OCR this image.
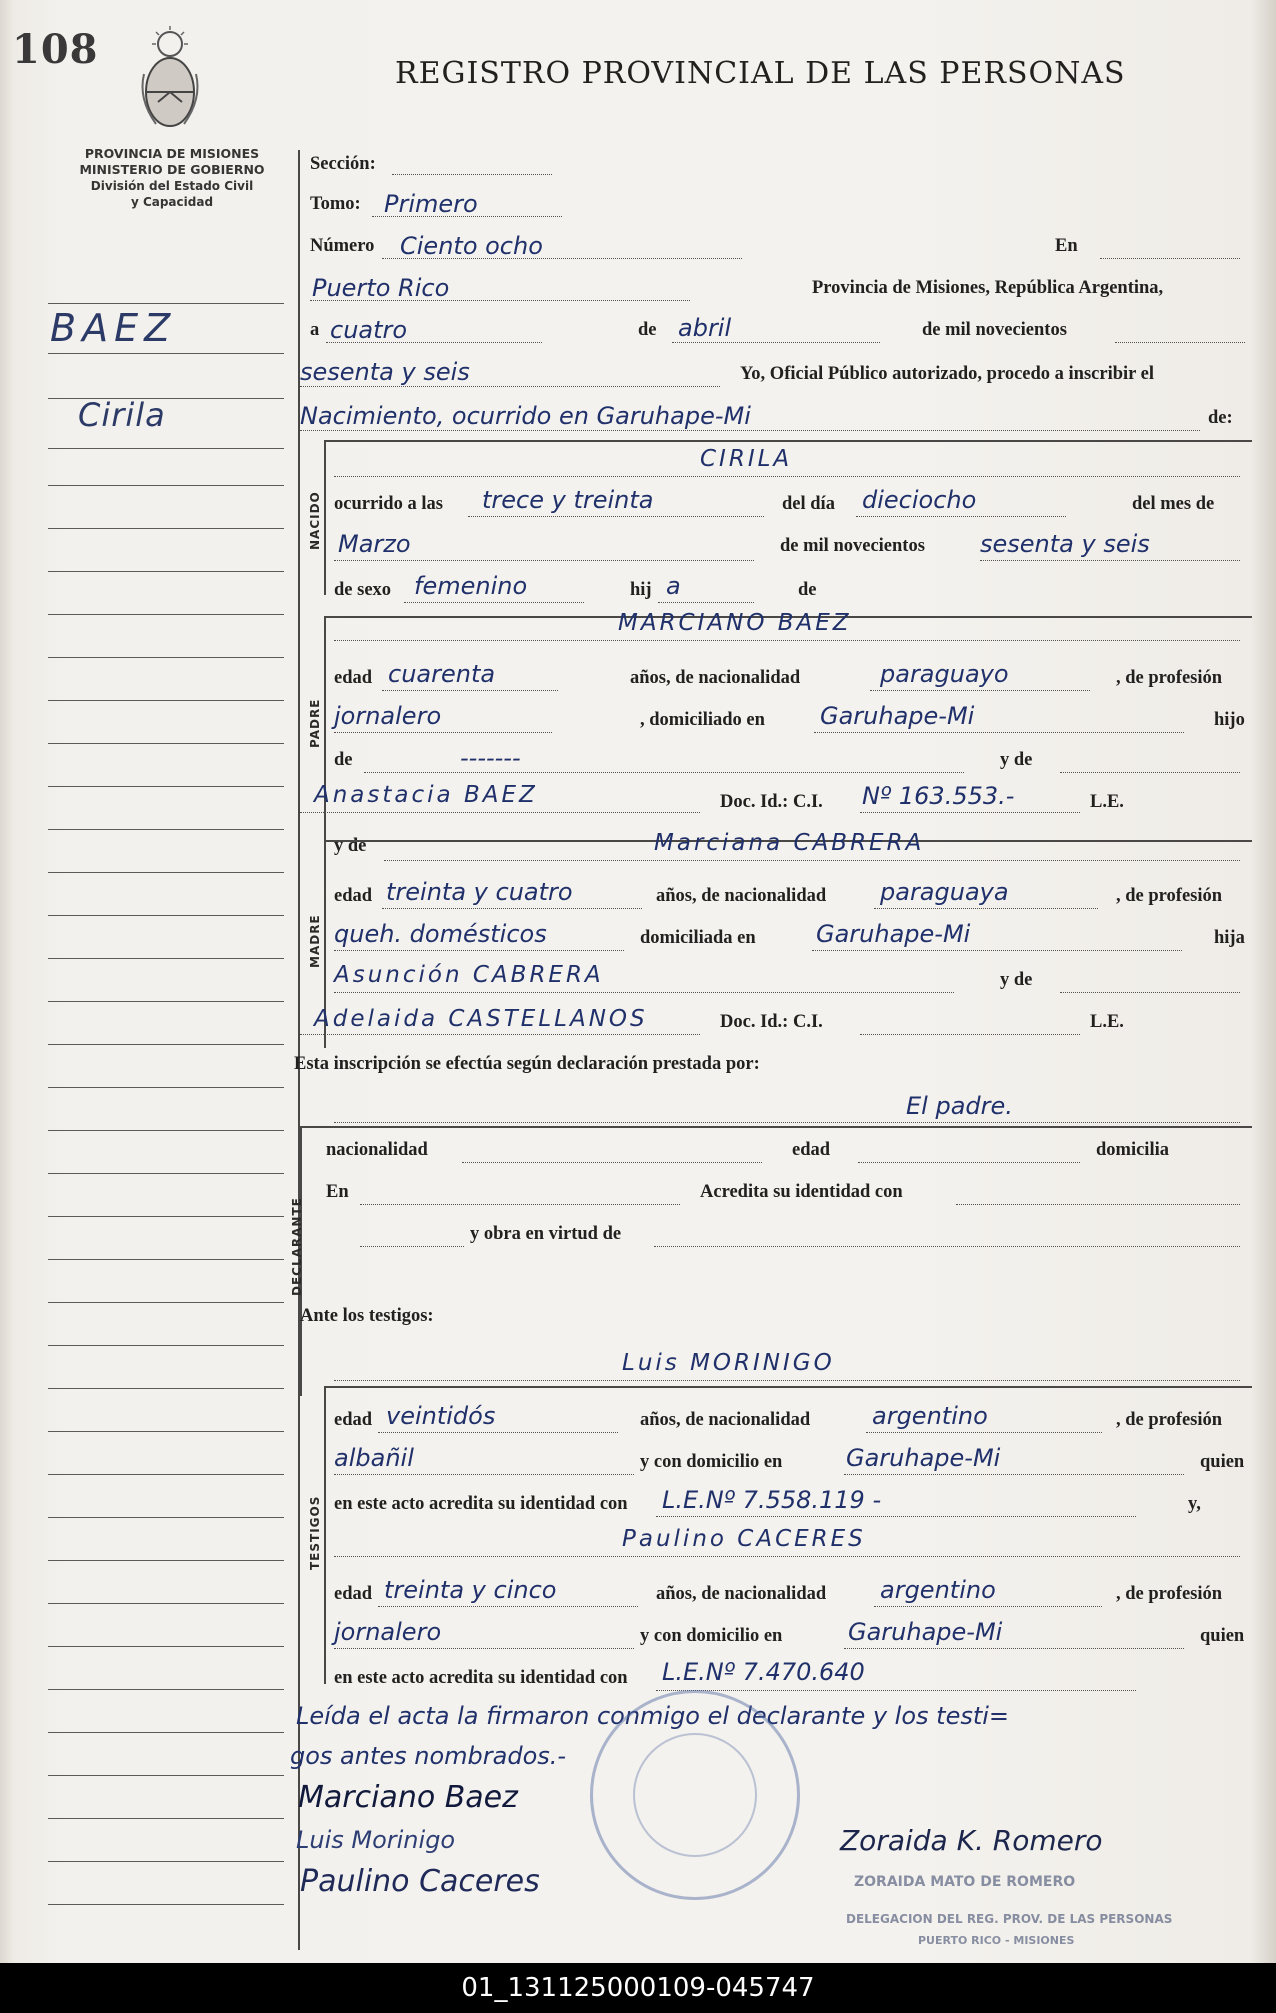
108
REGISTRO PROVINCIAL DE LAS PERSONAS
PROVINCIA DE MISIONES
MINISTERIO DE GOBIERNO
División del Estado Civil
y Capacidad
BAEZ
Cirila
Sección:
Tomo: Primero
Número Ciento ocho	En
Puerto Rico	Provincia de Misiones, República Argentina,
a cuatro	de abril	de mil novecientos
sesenta y seis	Yo, Oficial Público autorizado, procedo a inscribir el
Nacimiento, ocurrido en Garuhape-Mi	de:
NACIDO
CIRILA
ocurrido a las trece y treinta	del día dieciocho	del mes de
Marzo	de mil novecientos sesenta y seis
de sexo femenino	hij a	de
PADRE
MARCIANO BAEZ
edad cuarenta	años, de nacionalidad	paraguayo	, de profesión
jornalero	, domiciliado en Garuhape-Mi	hijo
de	-------	y de
Anastacia BAEZ	Doc. Id.: C.I. Nº 163.553.-	L.E.
y de
MADRE
Marciana CABRERA
edad treinta y cuatro	años, de nacionalidad paraguaya	, de profesión
queh. domésticos	domiciliada en	Garuhape-Mi	hija
Asunción CABRERA	y de
Adelaida CASTELLANOS	Doc. Id.: C.I.	L.E.
Esta inscripción se efectúa según declaración prestada por:
DECLARANTE
El padre.
nacionalidad	edad	domicilia
En	Acredita su identidad con
y obra en virtud de
Ante los testigos:
TESTIGOS
Luis MORINIGO
edad veintidós	años, de nacionalidad	argentino	, de profesión
albañil	y con domicilio en	Garuhape-Mi	quien
en este acto acredita su identidad con L.E.Nº 7.558.119 -	y,
Paulino CACERES
edad treinta y cinco	años, de nacionalidad argentino	, de profesión
jornalero	y con domicilio en	Garuhape-Mi	quien
en este acto acredita su identidad con L.E.Nº 7.470.640
Leída el acta la firmaron conmigo el declarante y los testi=
gos antes nombrados.-
Marciano Baez
Luis Morinigo
Paulino Caceres
Zoraida K. Romero
ZORAIDA MATO DE ROMERO
DELEGACION DEL REG. PROV. DE LAS PERSONAS
PUERTO RICO - MISIONES
01_131125000109-045747
